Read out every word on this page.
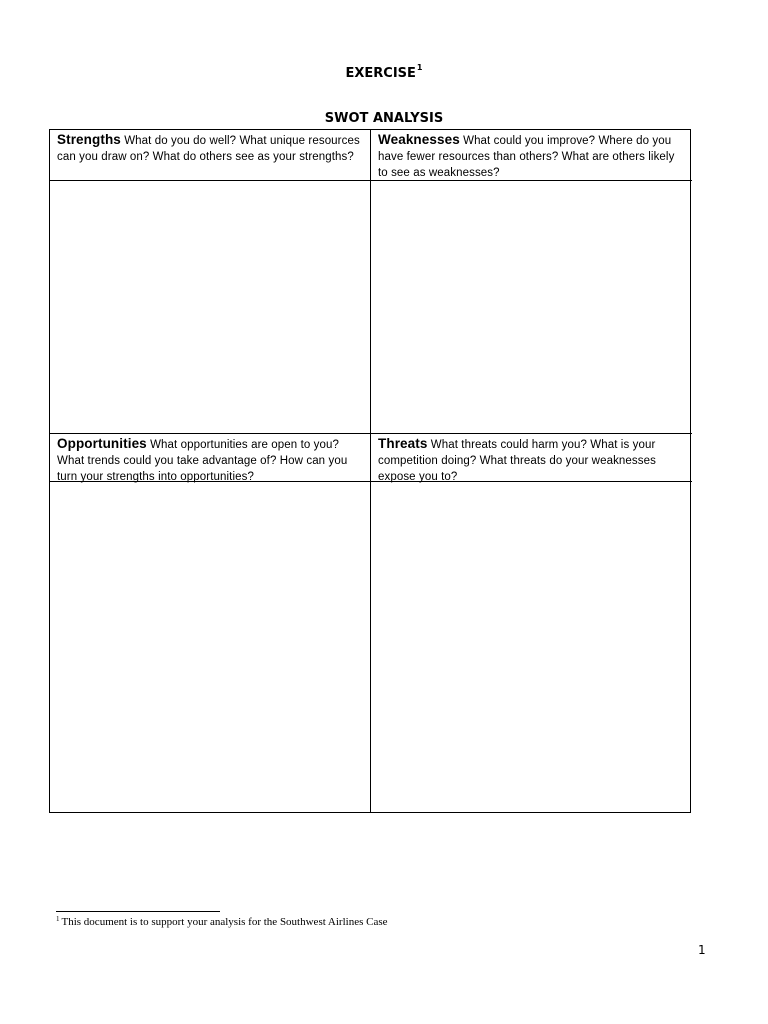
EXERCISE$^1$
SWOT ANALYSIS
Strengths What do you do well? What unique resources can you draw on? What do others see as your strengths?
Weaknesses What could you improve? Where do you have fewer resources than others? What are others likely to see as weaknesses?
Opportunities What opportunities are open to you? What trends could you take advantage of? How can you turn your strengths into opportunities?
Threats What threats could harm you? What is your competition doing? What threats do your weaknesses expose you to?
$^1$ This document is to support your analysis for the Southwest Airlines Case
1
